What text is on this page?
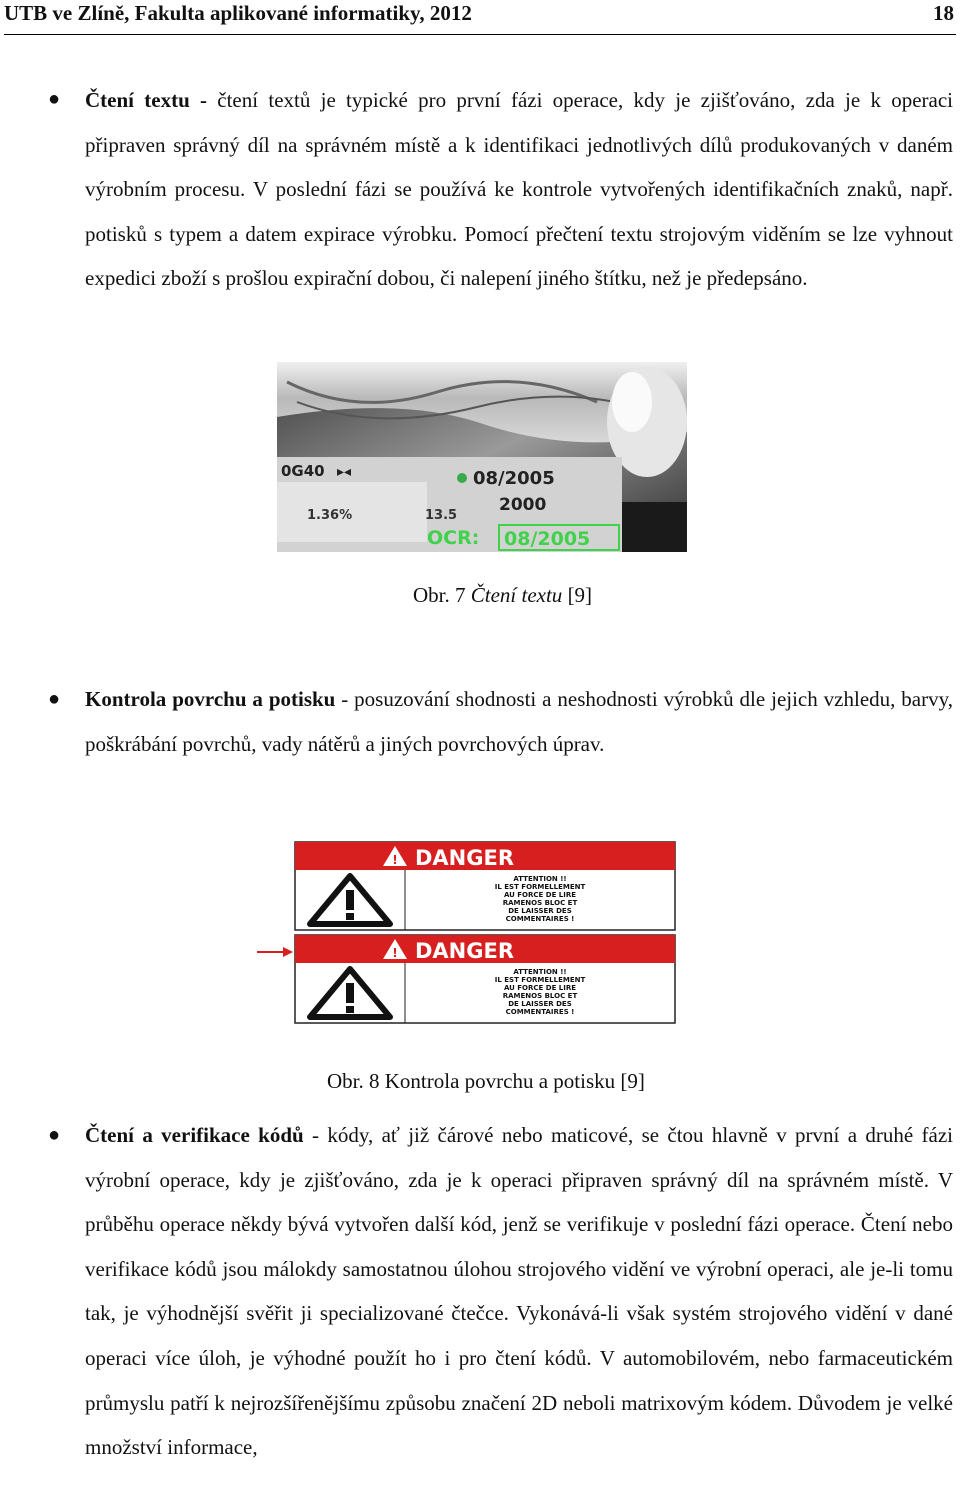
UTB ve Zlíně, Fakulta aplikované informatiky, 2012	18
● Čtení textu - čtení textů je typické pro první fázi operace, kdy je zjišťováno, zda je k operaci připraven správný díl na správném místě a k identifikaci jednotlivých dílů produkovaných v daném výrobním procesu. V poslední fázi se používá ke kontrole vytvořených identifikačních znaků, např. potisků s typem a datem expirace výrobku. Pomocí přečtení textu strojovým viděním se lze vyhnout expedici zboží s prošlou expirační dobou, či nalepení jiného štítku, než je předepsáno.
0G40 ▸◂	08/2005
2000
1.36%	13.5
OCR: 08/2005
Obr. 7 Čtení textu [9]
● Kontrola povrchu a potisku - posuzování shodnosti a neshodnosti výrobků dle jejich vzhledu, barvy, poškrábání povrchů, vady nátěrů a jiných povrchových úprav.
! DANGER
ATTENTION !!
IL EST FORMELLEMENT
AU FORCE DE LIRE
RAMENOS BLOC ET
DE LAISSER DES
COMMENTAIRES !
! DANGER
ATTENTION !!
IL EST FORMELLEMENT
AU FORCE DE LIRE
RAMENOS BLOC ET
DE LAISSER DES
COMMENTAIRES !
Obr. 8 Kontrola povrchu a potisku [9]
● Čtení a verifikace kódů - kódy, ať již čárové nebo maticové, se čtou hlavně v první a druhé fázi výrobní operace, kdy je zjišťováno, zda je k operaci připraven správný díl na správném místě. V průběhu operace někdy bývá vytvořen další kód, jenž se verifikuje v poslední fázi operace. Čtení nebo verifikace kódů jsou málokdy samostatnou úlohou strojového vidění ve výrobní operaci, ale je-li tomu tak, je výhodnější svěřit ji specializované čtečce. Vykonává-li však systém strojového vidění v dané operaci více úloh, je výhodné použít ho i pro čtení kódů. V automobilovém, nebo farmaceutickém průmyslu patří k nejrozšířenějšímu způsobu značení 2D neboli matrixovým kódem. Důvodem je velké množství informace,
